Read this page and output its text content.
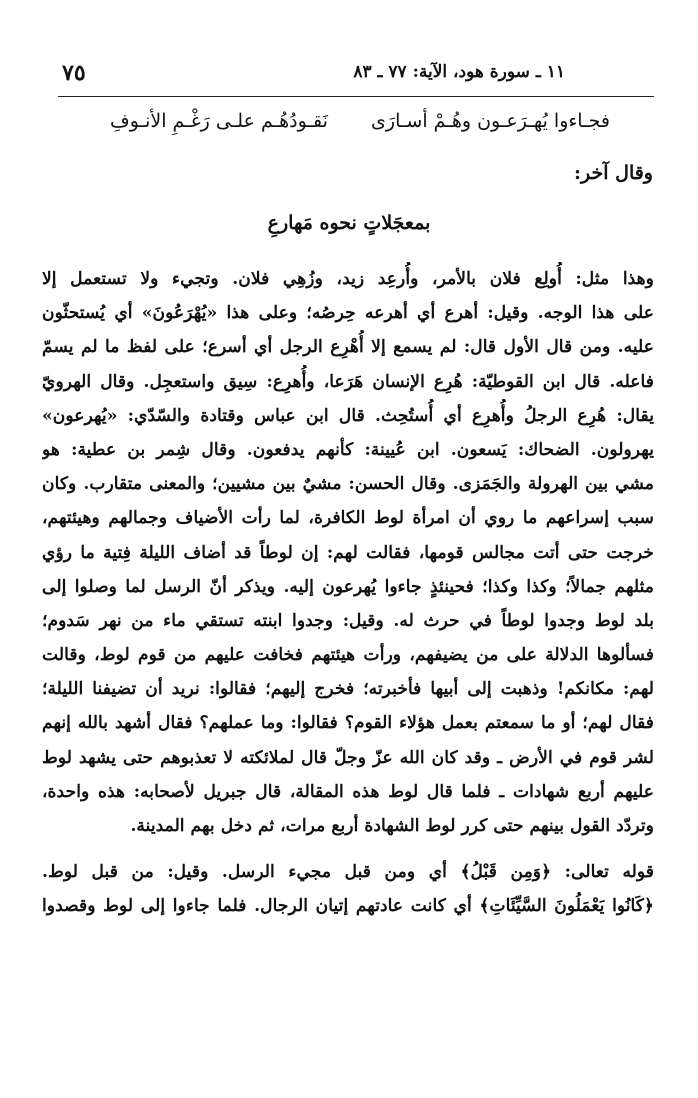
١١ ـ سورة هود، الآية: ٧٧ ـ ٨٣
٧٥
فجـاءوا يُهـرَعـون وهُـمْ أسـارَى
نَقـودُهُـم علـى رَغْـمِ الأنـوفِ
وقال آخر:
بمعجَلاتٍ نحوه مَهارعِ
وهذا مثل: أُولِع فلان بالأمر، وأُرعِد زيد، وزُهِي فلان. وتجيء ولا تستعمل إلا
على هذا الوجه. وقيل: أهرع أي أهرعه حِرصُه؛ وعلى هذا «يُهْرَعُونَ» أي يُستحثّون
عليه. ومن قال الأول قال: لم يسمع إلا أُهْرِع الرجل أي أسرع؛ على لفظ ما لم يسمّ
فاعله. قال ابن القوطيّة: هُرِع الإنسان هَرَعا، وأُهرِع: سِيق واستعجِل. وقال الهرويّ
يقال: هُرِع الرجلُ وأُهرِع أي أُستُحِث. قال ابن عباس وقتادة والسّدّي: «يُهرعون»
يهرولون. الضحاك: يَسعون. ابن عُيينة: كأنهم يدفعون. وقال شِمر بن عطية: هو
مشي بين الهرولة والجَمَزى. وقال الحسن: مشيٌ بين مشيين؛ والمعنى متقارب. وكان
سبب إسراعهم ما روي أن امرأة لوط الكافرة، لما رأت الأضياف وجمالهم وهيئتهم،
خرجت حتى أتت مجالس قومها، فقالت لهم: إن لوطاً قد أضاف الليلة فِتية ما رؤي
مثلهم جمالاً؛ وكذا وكذا؛ فحينئذٍ جاءوا يُهرعون إليه. ويذكر أنّ الرسل لما وصلوا إلى
بلد لوط وجدوا لوطاً في حرث له. وقيل: وجدوا ابنته تستقي ماء من نهر سَدوم؛
فسألوها الدلالة على من يضيفهم، ورأت هيئتهم فخافت عليهم من قوم لوط، وقالت
لهم: مكانكم! وذهبت إلى أبيها فأخبرته؛ فخرج إليهم؛ فقالوا: نريد أن تضيفنا الليلة؛
فقال لهم؛ أو ما سمعتم بعمل هؤلاء القوم؟ فقالوا: وما عملهم؟ فقال أشهد بالله إنهم
لشر قوم في الأرض ـ وقد كان الله عزّ وجلّ قال لملائكته لا تعذبوهم حتى يشهد لوط
عليهم أربع شهادات ـ فلما قال لوط هذه المقالة، قال جبريل لأصحابه: هذه واحدة،
وتردّد القول بينهم حتى كرر لوط الشهادة أربع مرات، ثم دخل بهم المدينة.
قوله تعالى: ﴿وَمِن قَبْلُ﴾ أي ومن قبل مجيء الرسل. وقيل: من قبل لوط.
﴿كَانُوا يَعْمَلُونَ السَّيِّئَاتِ﴾ أي كانت عادتهم إتيان الرجال. فلما جاءوا إلى لوط وقصدوا
